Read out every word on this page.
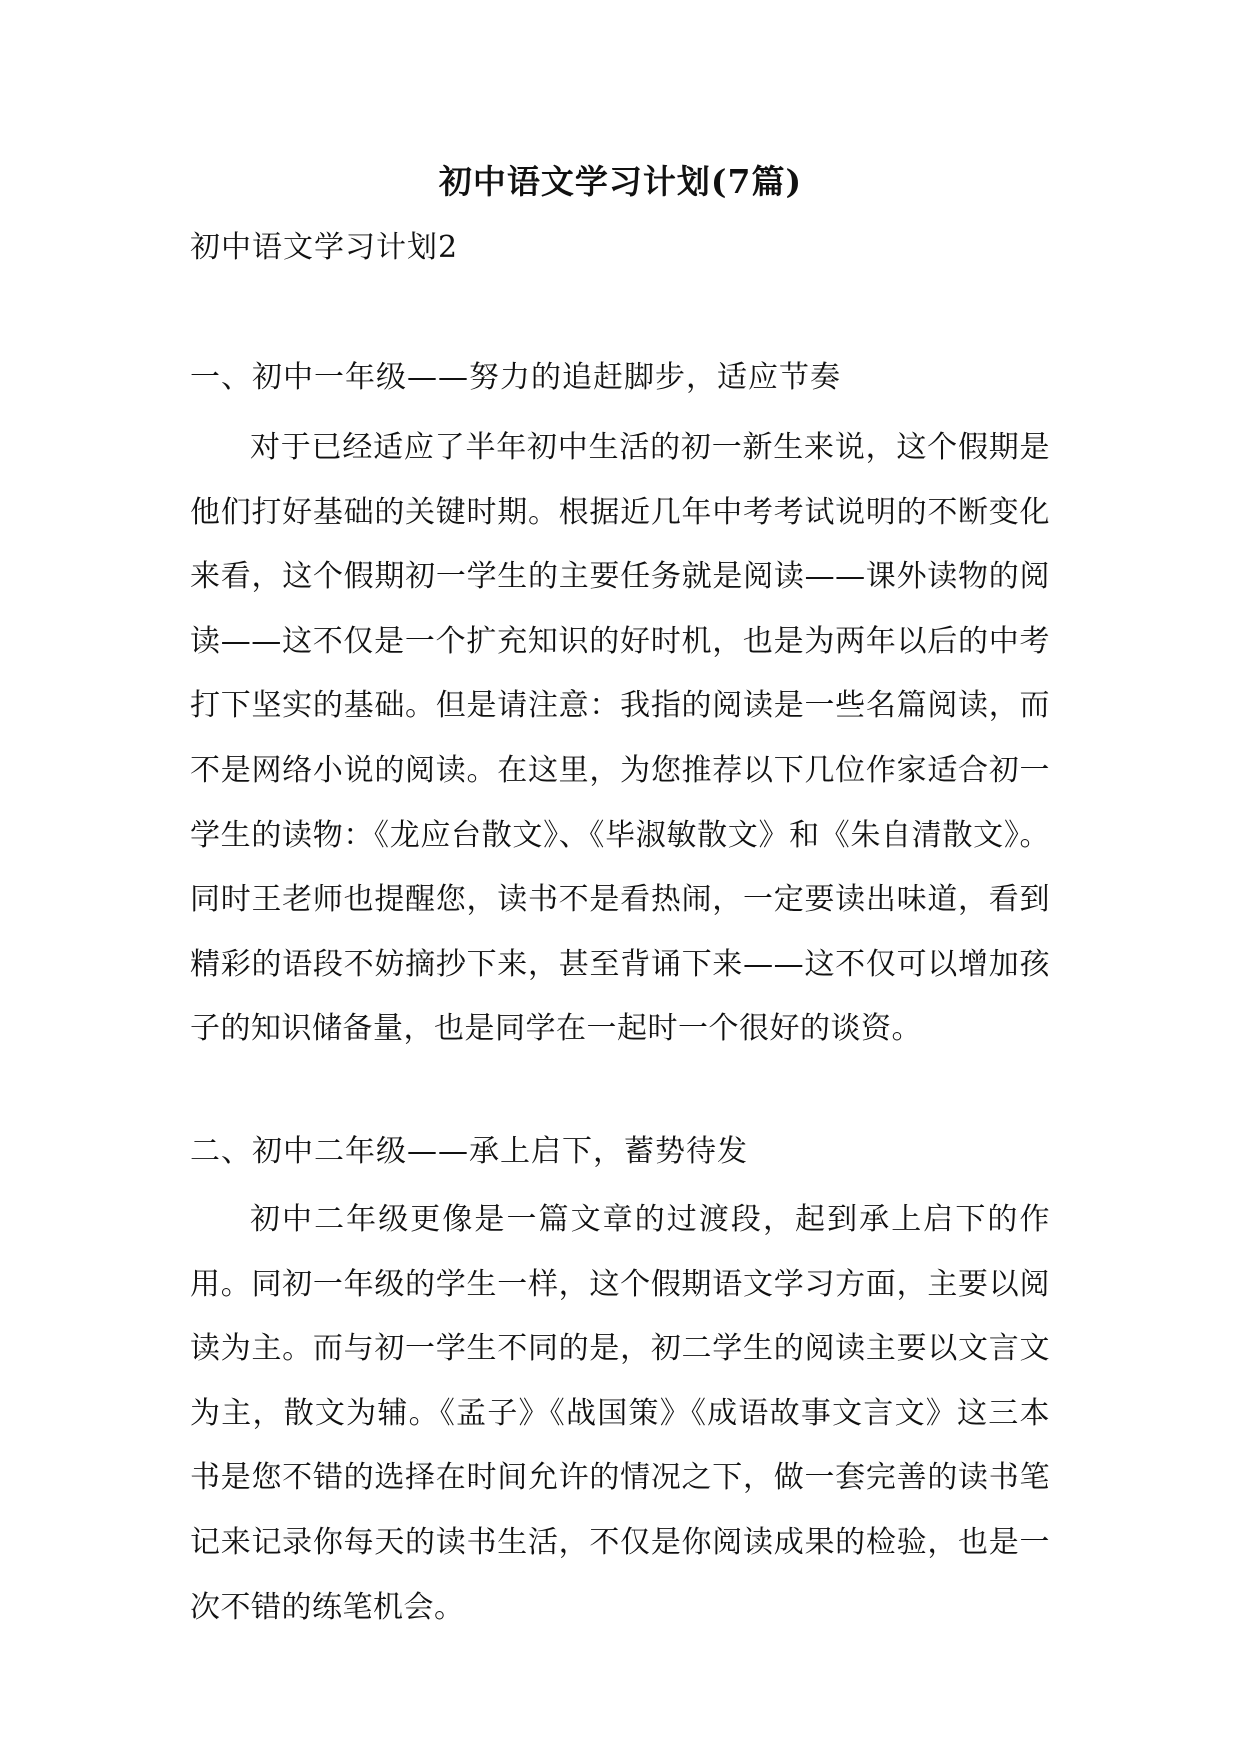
初中语文学习计划(7篇)
初中语文学习计划2
一、初中一年级——努力的追赶脚步，适应节奏

对于已经适应了半年初中生活的初一新生来说，这个假期是他们打好基础的关键时期。根据近几年中考考试说明的不断变化来看，这个假期初一学生的主要任务就是阅读——课外读物的阅读——这不仅是一个扩充知识的好时机，也是为两年以后的中考打下坚实的基础。但是请注意：我指的阅读是一些名篇阅读，而不是网络小说的阅读。在这里，为您推荐以下几位作家适合初一学生的读物：《龙应台散文》、《毕淑敏散文》和《朱自清散文》。同时王老师也提醒您，读书不是看热闹，一定要读出味道，看到精彩的语段不妨摘抄下来，甚至背诵下来——这不仅可以增加孩子的知识储备量，也是同学在一起时一个很好的谈资。

二、初中二年级——承上启下，蓄势待发

初中二年级更像是一篇文章的过渡段，起到承上启下的作用。同初一年级的学生一样，这个假期语文学习方面，主要以阅读为主。而与初一学生不同的是，初二学生的阅读主要以文言文为主，散文为辅。《孟子》《战国策》《成语故事文言文》这三本书是您不错的选择在时间允许的情况之下，做一套完善的读书笔记来记录你每天的读书生活，不仅是你阅读成果的检验，也是一次不错的练笔机会。
